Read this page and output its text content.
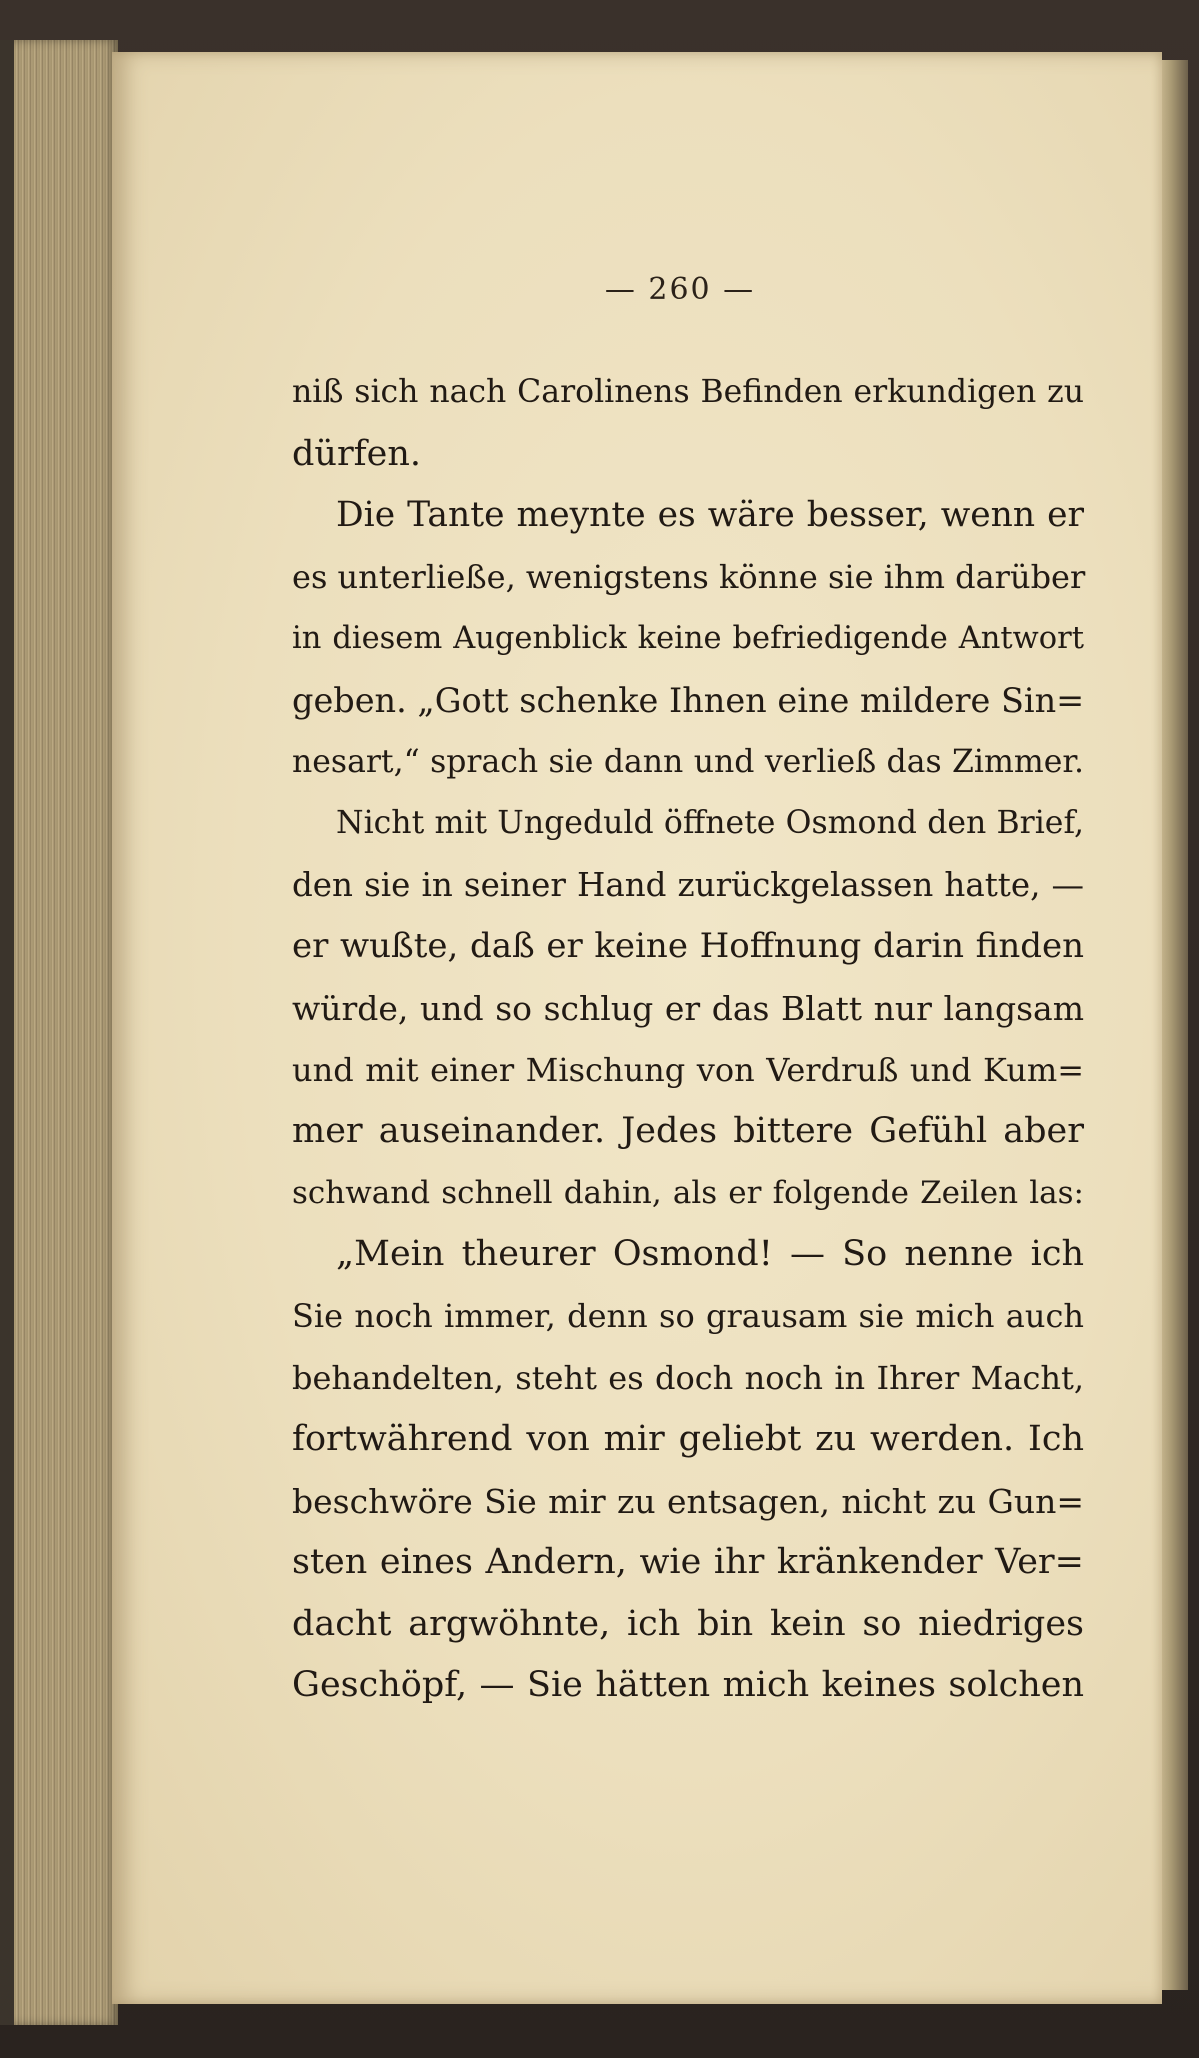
— 260 —
niß sich nach Carolinens Befinden erkundigen zu
dürfen.
Die Tante meynte es wäre besser, wenn er
es unterließe, wenigstens könne sie ihm darüber
in diesem Augenblick keine befriedigende Antwort
geben. „Gott schenke Ihnen eine mildere Sin=
nesart,“ sprach sie dann und verließ das Zimmer.
Nicht mit Ungeduld öffnete Osmond den Brief,
den sie in seiner Hand zurückgelassen hatte, —
er wußte, daß er keine Hoffnung darin finden
würde, und so schlug er das Blatt nur langsam
und mit einer Mischung von Verdruß und Kum=
mer auseinander. Jedes bittere Gefühl aber
schwand schnell dahin, als er folgende Zeilen las:
„Mein theurer Osmond! — So nenne ich
Sie noch immer, denn so grausam sie mich auch
behandelten, steht es doch noch in Ihrer Macht,
fortwährend von mir geliebt zu werden. Ich
beschwöre Sie mir zu entsagen, nicht zu Gun=
sten eines Andern, wie ihr kränkender Ver=
dacht argwöhnte, ich bin kein so niedriges
Geschöpf, — Sie hätten mich keines solchen
